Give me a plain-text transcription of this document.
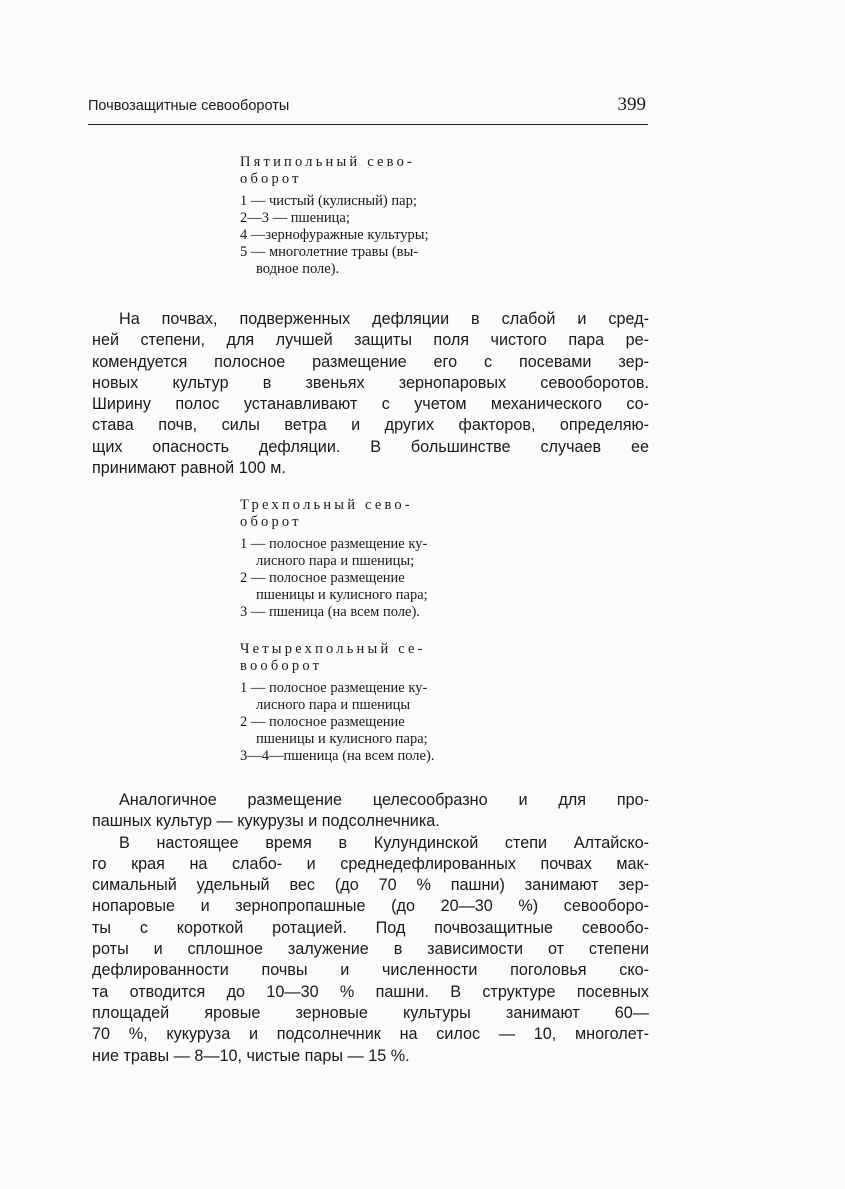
Почвозащитные севообороты	399
Пятипольный сево-
оборот
1 — чистый (кулисный) пар;
2—3 — пшеница;
4 —зернофуражные культуры;
5 — многолетние травы (вы-
водное поле).

На почвах, подверженных дефляции в слабой и сред-

ней степени, для лучшей защиты поля чистого пара ре-

комендуется полосное размещение его с посевами зер-

новых культур в звеньях зернопаровых севооборотов.

Ширину полос устанавливают с учетом механического со-

става почв, силы ветра и других факторов, определяю-

щих опасность дефляции. В большинстве случаев ее

принимают равной 100 м.

Трехпольный сево-
оборот
1 — полосное размещение ку-
лисного пара и пшеницы;
2 — полосное размещение
пшеницы и кулисного пара;
3 — пшеница (на всем поле).
Четырехпольный се-
вооборот
1 — полосное размещение ку-
лисного пара и пшеницы
2 — полосное размещение
пшеницы и кулисного пара;
3—4—пшеница (на всем поле).

Аналогичное размещение целесообразно и для про-

пашных культур — кукурузы и подсолнечника.

В настоящее время в Кулундинской степи Алтайско-

го края на слабо- и среднедефлированных почвах мак-

симальный удельный вес (до 70 % пашни) занимают зер-

нопаровые и зернопропашные (до 20—30 %) севооборо-

ты с короткой ротацией. Под почвозащитные севообо-

роты и сплошное залужение в зависимости от степени

дефлированности почвы и численности поголовья ско-

та отводится до 10—30 % пашни. В структуре посевных

площадей яровые зерновые культуры занимают 60—

70 %, кукуруза и подсолнечник на силос — 10, многолет-

ние травы — 8—10, чистые пары — 15 %.
